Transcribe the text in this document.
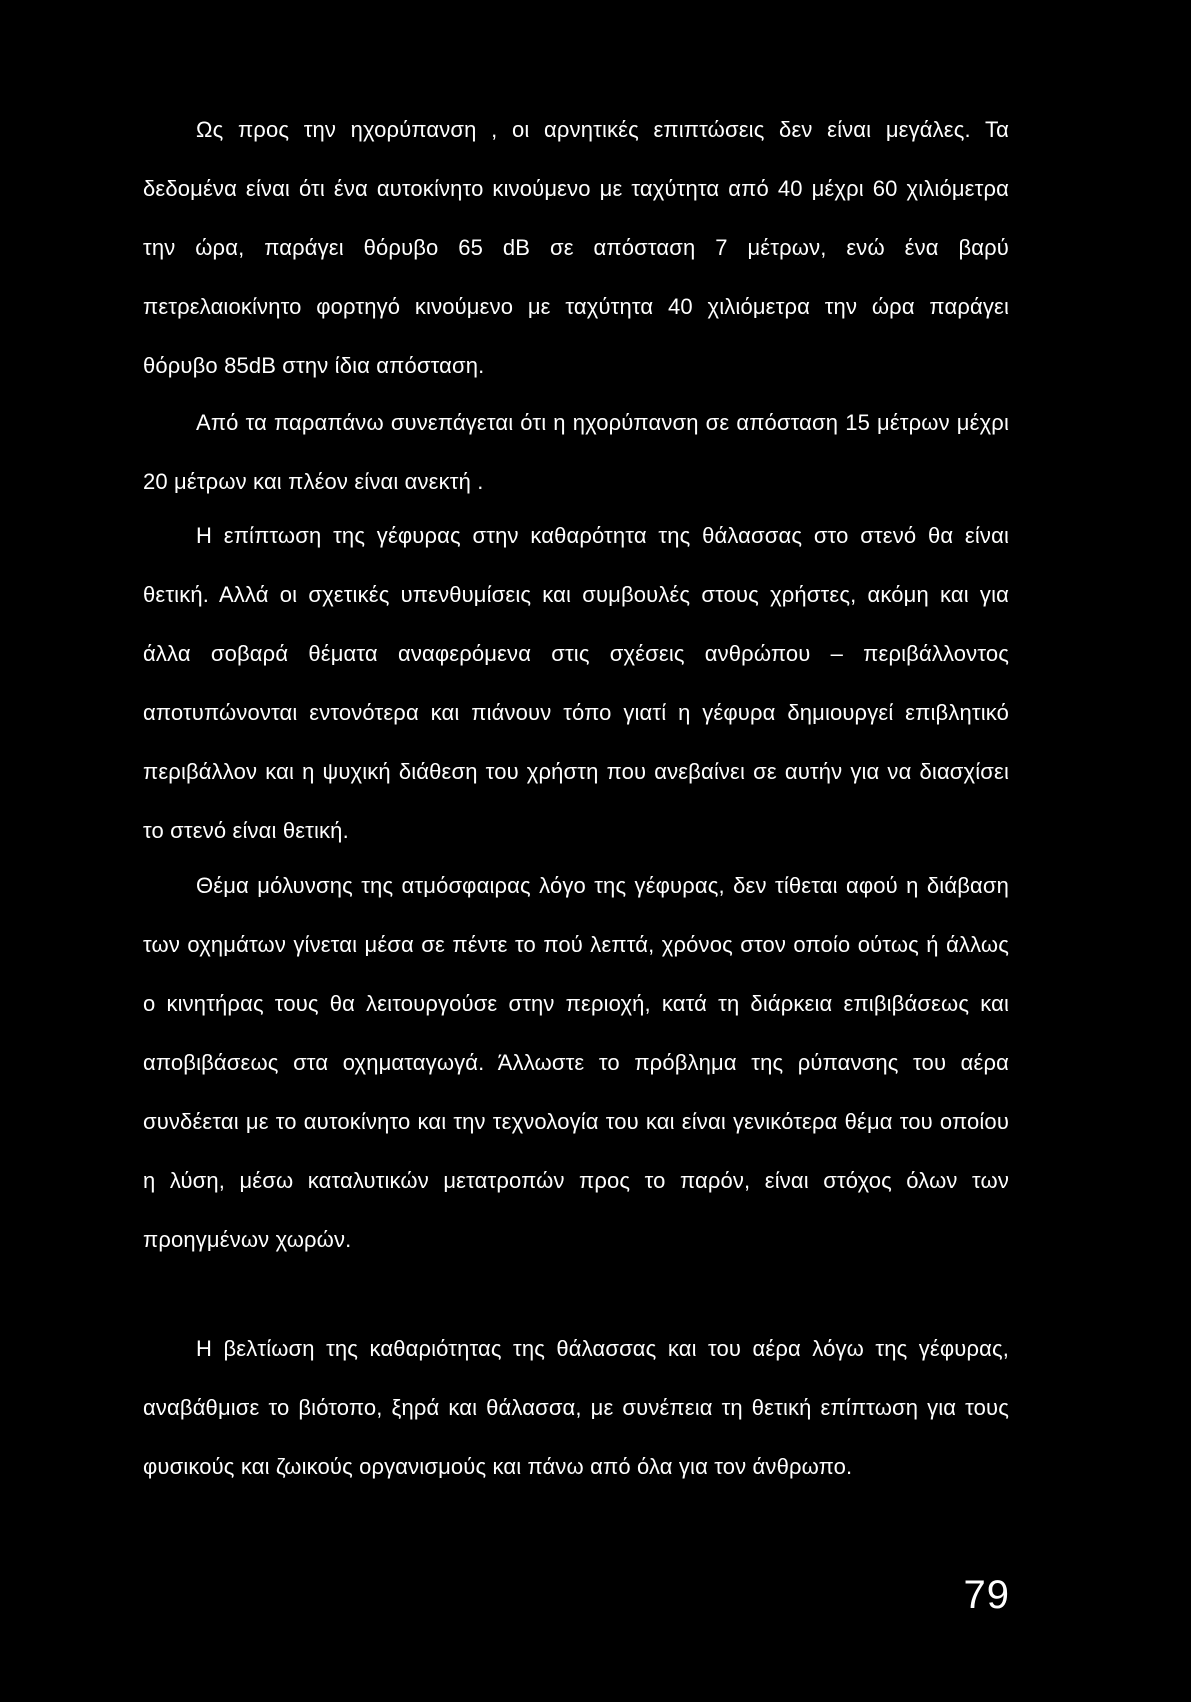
Ως προς την ηχορύπανση , οι αρνητικές επιπτώσεις δεν είναι μεγάλες. Τα δεδομένα είναι ότι ένα αυτοκίνητο κινούμενο με ταχύτητα από 40 μέχρι 60 χιλιόμετρα την ώρα, παράγει θόρυβο 65 dB σε απόσταση 7 μέτρων, ενώ ένα βαρύ πετρελαιοκίνητο φορτηγό κινούμενο με ταχύτητα 40 χιλιόμετρα την ώρα παράγει θόρυβο 85dB στην ίδια απόσταση.

Από τα παραπάνω συνεπάγεται ότι η ηχορύπανση σε απόσταση 15 μέτρων μέχρι 20 μέτρων και πλέον είναι ανεκτή .

Η επίπτωση της γέφυρας στην καθαρότητα της θάλασσας στο στενό θα είναι θετική. Αλλά οι σχετικές υπενθυμίσεις και συμβουλές στους χρήστες, ακόμη και για άλλα σοβαρά θέματα αναφερόμενα στις σχέσεις ανθρώπου – περιβάλλοντος αποτυπώνονται εντονότερα και πιάνουν τόπο γιατί η γέφυρα δημιουργεί επιβλητικό περιβάλλον και η ψυχική διάθεση του χρήστη που ανεβαίνει σε αυτήν για να διασχίσει το στενό είναι θετική.

Θέμα μόλυνσης της ατμόσφαιρας λόγο της γέφυρας, δεν τίθεται αφού η διάβαση των οχημάτων γίνεται μέσα σε πέντε το πού λεπτά, χρόνος στον οποίο ούτως ή άλλως ο κινητήρας τους θα λειτουργούσε στην περιοχή, κατά τη διάρκεια επιβιβάσεως και αποβιβάσεως στα οχηματαγωγά. Άλλωστε το πρόβλημα της ρύπανσης του αέρα συνδέεται με το αυτοκίνητο και την τεχνολογία του και είναι γενικότερα θέμα του οποίου η λύση, μέσω καταλυτικών μετατροπών προς το παρόν, είναι στόχος όλων των προηγμένων χωρών.

Η βελτίωση της καθαριότητας της θάλασσας και του αέρα λόγω της γέφυρας, αναβάθμισε το βιότοπο, ξηρά και θάλασσα, με συνέπεια τη θετική επίπτωση για τους φυσικούς και ζωικούς οργανισμούς και πάνω από όλα για τον άνθρωπο.

79
